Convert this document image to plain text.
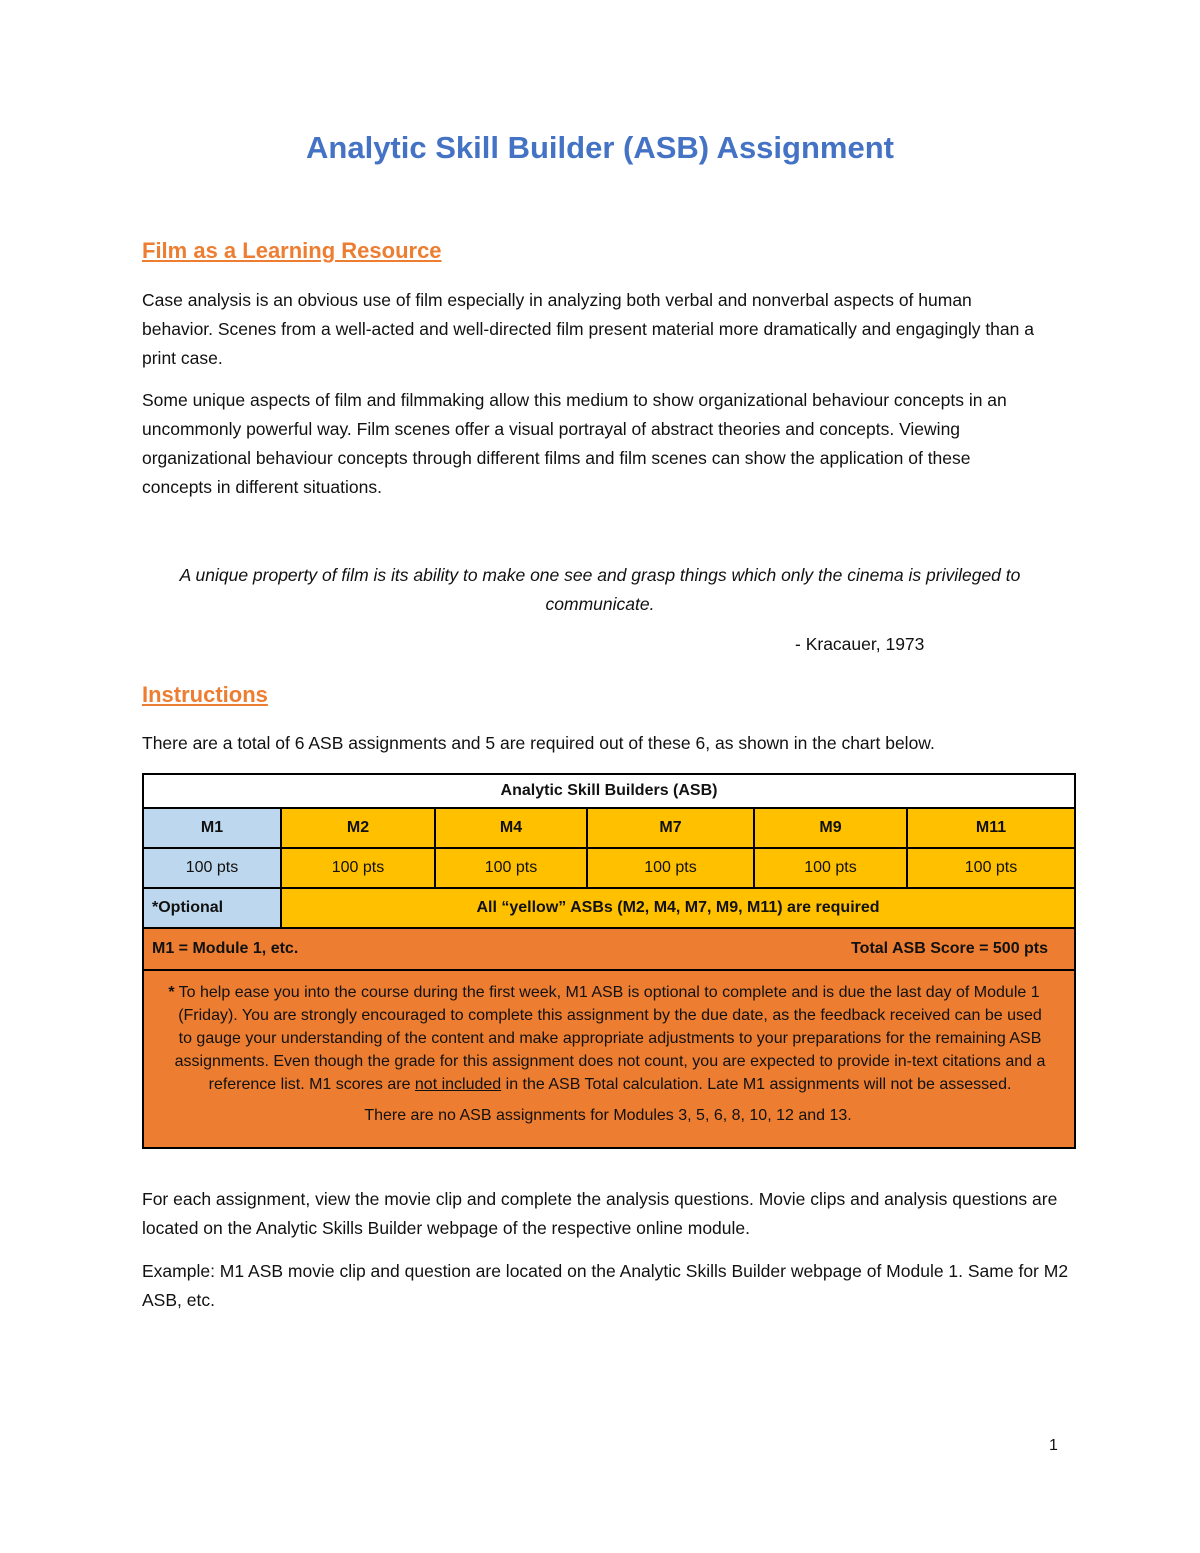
Analytic Skill Builder (ASB) Assignment
Film as a Learning Resource

Case analysis is an obvious use of film especially in analyzing both verbal and nonverbal aspects of human behavior. Scenes from a well-acted and well-directed film present material more dramatically and engagingly than a print case.

Some unique aspects of film and filmmaking allow this medium to show organizational behaviour concepts in an uncommonly powerful way. Film scenes offer a visual portrayal of abstract theories and concepts. Viewing organizational behaviour concepts through different films and film scenes can show the application of these concepts in different situations.

A unique property of film is its ability to make one see and grasp things which only the cinema is privileged to communicate.

- Kracauer, 1973
Instructions

There are a total of 6 ASB assignments and 5 are required out of these 6, as shown in the chart below.

Analytic Skill Builders (ASB)					
M1	M2	M4	M7	M9	M11
100 pts	100 pts	100 pts	100 pts	100 pts	100 pts
*Optional	All “yellow” ASBs (M2, M4, M7, M9, M11) are required				

M1 = Module 1, etc. Total ASB Score = 500 pts					

* To help ease you into the course during the first week, M1 ASB is optional to complete and is due the last day of Module 1 (Friday). You are strongly encouraged to complete this assignment by the due date, as the feedback received can be used to gauge your understanding of the content and make appropriate adjustments to your preparations for the remaining ASB assignments. Even though the grade for this assignment does not count, you are expected to provide in-text citations and a reference list. M1 scores are not included in the ASB Total calculation. Late M1 assignments will not be assessed.
There are no ASB assignments for Modules 3, 5, 6, 8, 10, 12 and 13.					

For each assignment, view the movie clip and complete the analysis questions. Movie clips and analysis questions are located on the Analytic Skills Builder webpage of the respective online module.

Example: M1 ASB movie clip and question are located on the Analytic Skills Builder webpage of Module 1. Same for M2 ASB, etc.

1
